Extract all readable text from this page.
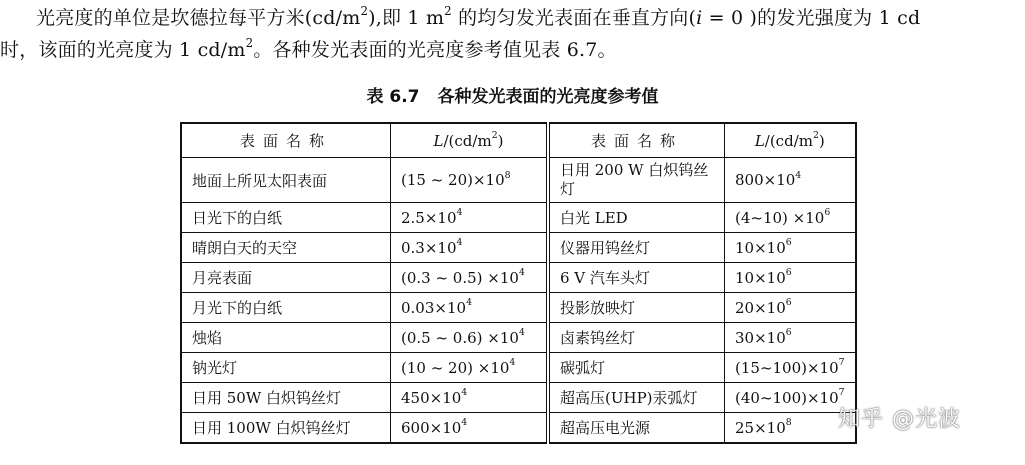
光亮度的单位是坎德拉每平方米$(cd/m^2)$,即 1 $m^2$ 的均匀发光表面在垂直方向(i = 0 )的发光强度为 1 cd

时，该面的光亮度为 1 $cd/m^2$。各种发光表面的光亮度参考值见表 6.7。

表 6.7 各种发光表面的光亮度参考值
表面名称	$L/(cd/m^2)$	表面名称	$L/(cd/m^2)$
地面上所见太阳表面	(15 ~ $20)\times 10^8$	日用 200 W 白炽钨丝灯	$800\times 10^4$
日光下的白纸	$2.5\times 10^4$	白光 LED	(4~10) $\times 10^6$
晴朗白天的天空	$0.3\times 10^4$	仪器用钨丝灯	$10\times 10^6$
月亮表面	(0.3 ~ $0.5) \times 10^4$	6 V 汽车头灯	$10\times 10^6$
月光下的白纸	$0.03\times 10^4$	投影放映灯	$20\times 10^6$
烛焰	(0.5 ~ $0.6) \times 10^4$	卤素钨丝灯	$30\times 10^6$
钠光灯	(10 ~ $20) \times 10^4$	碳弧灯	$(15\sim 100)\times 10^7$
日用 50W 白炽钨丝灯	$450\times 10^4$	超高压(UHP)汞弧灯	$(40\sim 100)\times 10^7$
日用 100W 白炽钨丝灯	$600\times 10^4$	超高压电光源	$25\times 10^8$ 知乎 @光波
